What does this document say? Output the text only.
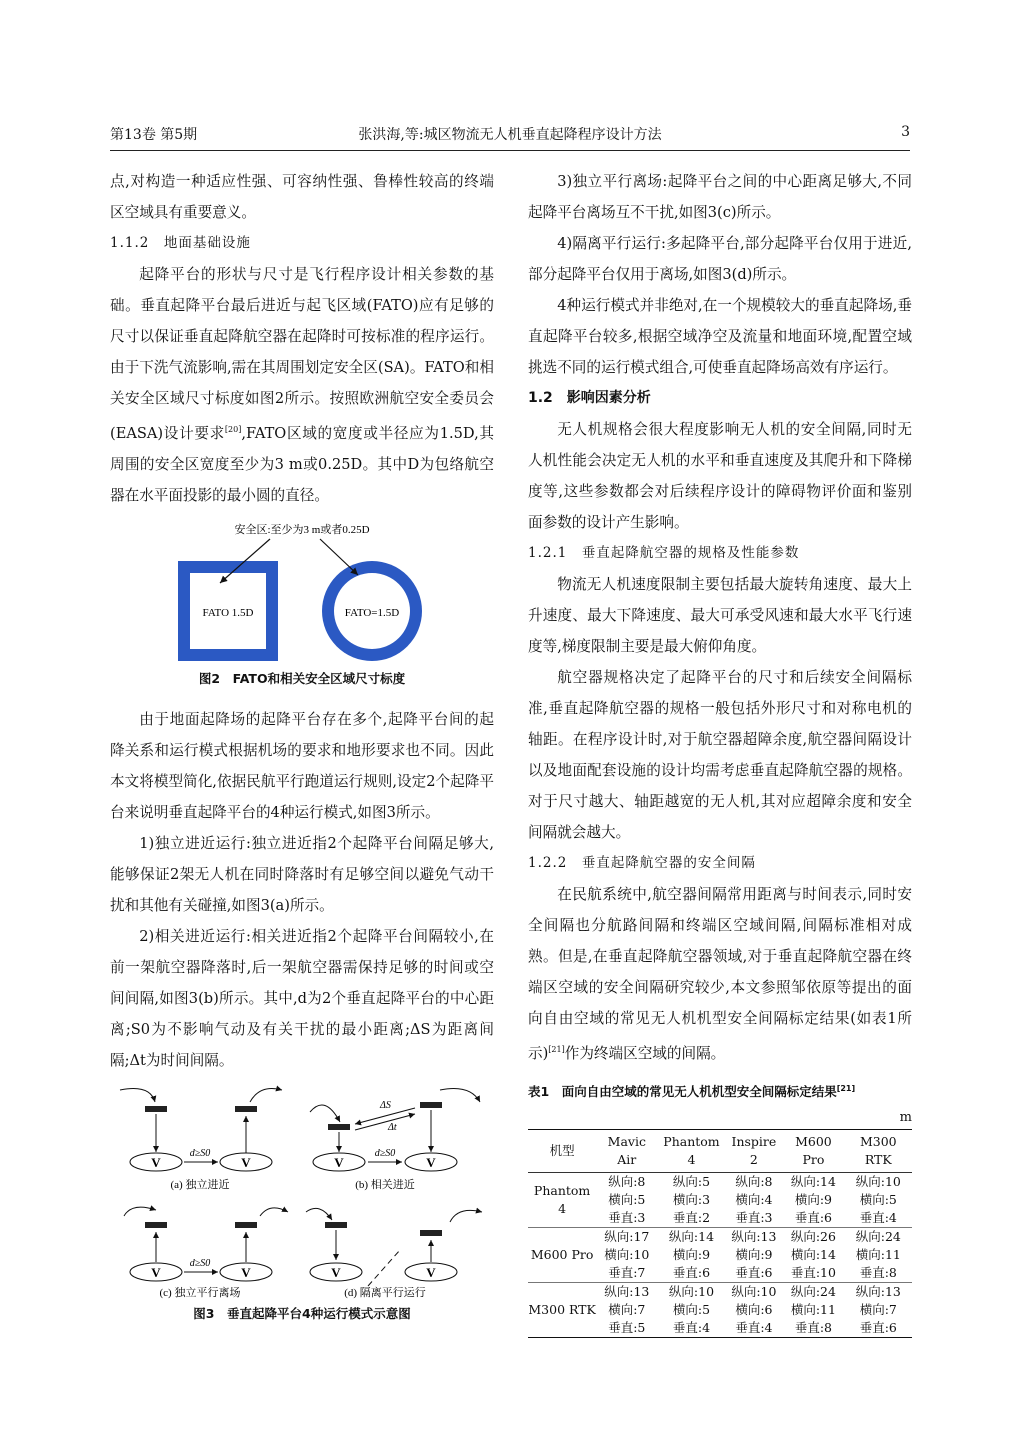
第13卷 第5期	张洪海,等:城区物流无人机垂直起降程序设计方法	3

点,对构造一种适应性强、可容纳性强、鲁棒性较高的终端区空域具有重要意义。

1.1.2　地面基础设施

起降平台的形状与尺寸是飞行程序设计相关参数的基础。垂直起降平台最后进近与起飞区域(FATO)应有足够的尺寸以保证垂直起降航空器在起降时可按标准的程序运行。由于下洗气流影响,需在其周围划定安全区(SA)。FATO和相关安全区域尺寸标度如图2所示。按照欧洲航空安全委员会(EASA)设计要求[20],FATO区域的宽度或半径应为1.5D,其周围的安全区宽度至少为3 m或0.25D。其中D为包络航空器在水平面投影的最小圆的直径。

安全区:至少为3 m或者0.25D
FATO 1.5D	FATO=1.5D

图2　FATO和相关安全区域尺寸标度

由于地面起降场的起降平台存在多个,起降平台间的起降关系和运行模式根据机场的要求和地形要求也不同。因此本文将模型简化,依据民航平行跑道运行规则,设定2个起降平台来说明垂直起降平台的4种运行模式,如图3所示。

1)独立进近运行:独立进近指2个起降平台间隔足够大,能够保证2架无人机在同时降落时有足够空间以避免气动干扰和其他有关碰撞,如图3(a)所示。

2)相关进近运行:相关进近指2个起降平台间隔较小,在前一架航空器降落时,后一架航空器需保持足够的时间或空间间隔,如图3(b)所示。其中,d为2个垂直起降平台的中心距离;S0为不影响气动及有关干扰的最小距离;ΔS为距离间隔;Δt为时间间隔。

V	V
d≥S0
(a) 独立进近
ΔS
Δt
V	V
d≥S0
(b) 相关进近
V	V
d≥S0
(c) 独立平行离场
V	V
(d) 隔离平行运行

图3　垂直起降平台4种运行模式示意图

3)独立平行离场:起降平台之间的中心距离足够大,不同起降平台离场互不干扰,如图3(c)所示。

4)隔离平行运行:多起降平台,部分起降平台仅用于进近,部分起降平台仅用于离场,如图3(d)所示。

4种运行模式并非绝对,在一个规模较大的垂直起降场,垂直起降平台较多,根据空域净空及流量和地面环境,配置空域挑选不同的运行模式组合,可使垂直起降场高效有序运行。

1.2　影响因素分析

无人机规格会很大程度影响无人机的安全间隔,同时无人机性能会决定无人机的水平和垂直速度及其爬升和下降梯度等,这些参数都会对后续程序设计的障碍物评价面和鉴别面参数的设计产生影响。

1.2.1　垂直起降航空器的规格及性能参数

物流无人机速度限制主要包括最大旋转角速度、最大上升速度、最大下降速度、最大可承受风速和最大水平飞行速度等,梯度限制主要是最大俯仰角度。

航空器规格决定了起降平台的尺寸和后续安全间隔标准,垂直起降航空器的规格一般包括外形尺寸和对称电机的轴距。在程序设计时,对于航空器超障余度,航空器间隔设计以及地面配套设施的设计均需考虑垂直起降航空器的规格。对于尺寸越大、轴距越宽的无人机,其对应超障余度和安全间隔就会越大。

1.2.2　垂直起降航空器的安全间隔

在民航系统中,航空器间隔常用距离与时间表示,同时安全间隔也分航路间隔和终端区空域间隔,间隔标准相对成熟。但是,在垂直起降航空器领域,对于垂直起降航空器在终端区空域的安全间隔研究较少,本文参照邹依原等提出的面向自由空域的常见无人机机型安全间隔标定结果(如表1所示)[21]作为终端区空域的间隔。

表1　面向自由空域的常见无人机机型安全间隔标定结果[21]

m

机型	Mavic Air	Phantom 4	Inspire 2	M600 Pro	M300 RTK
Phantom 4	纵向:8	纵向:5	纵向:8	纵向:14	纵向:10
	横向:5	横向:3	横向:4	横向:9	横向:5
	垂直:3	垂直:2	垂直:3	垂直:6	垂直:4
M600 Pro	纵向:17	纵向:14	纵向:13	纵向:26	纵向:24
	横向:10	横向:9	横向:9	横向:14	横向:11
	垂直:7	垂直:6	垂直:6	垂直:10	垂直:8
M300 RTK	纵向:13	纵向:10	纵向:10	纵向:24	纵向:13
	横向:7	横向:5	横向:6	横向:11	横向:7
	垂直:5	垂直:4	垂直:4	垂直:8	垂直:6
